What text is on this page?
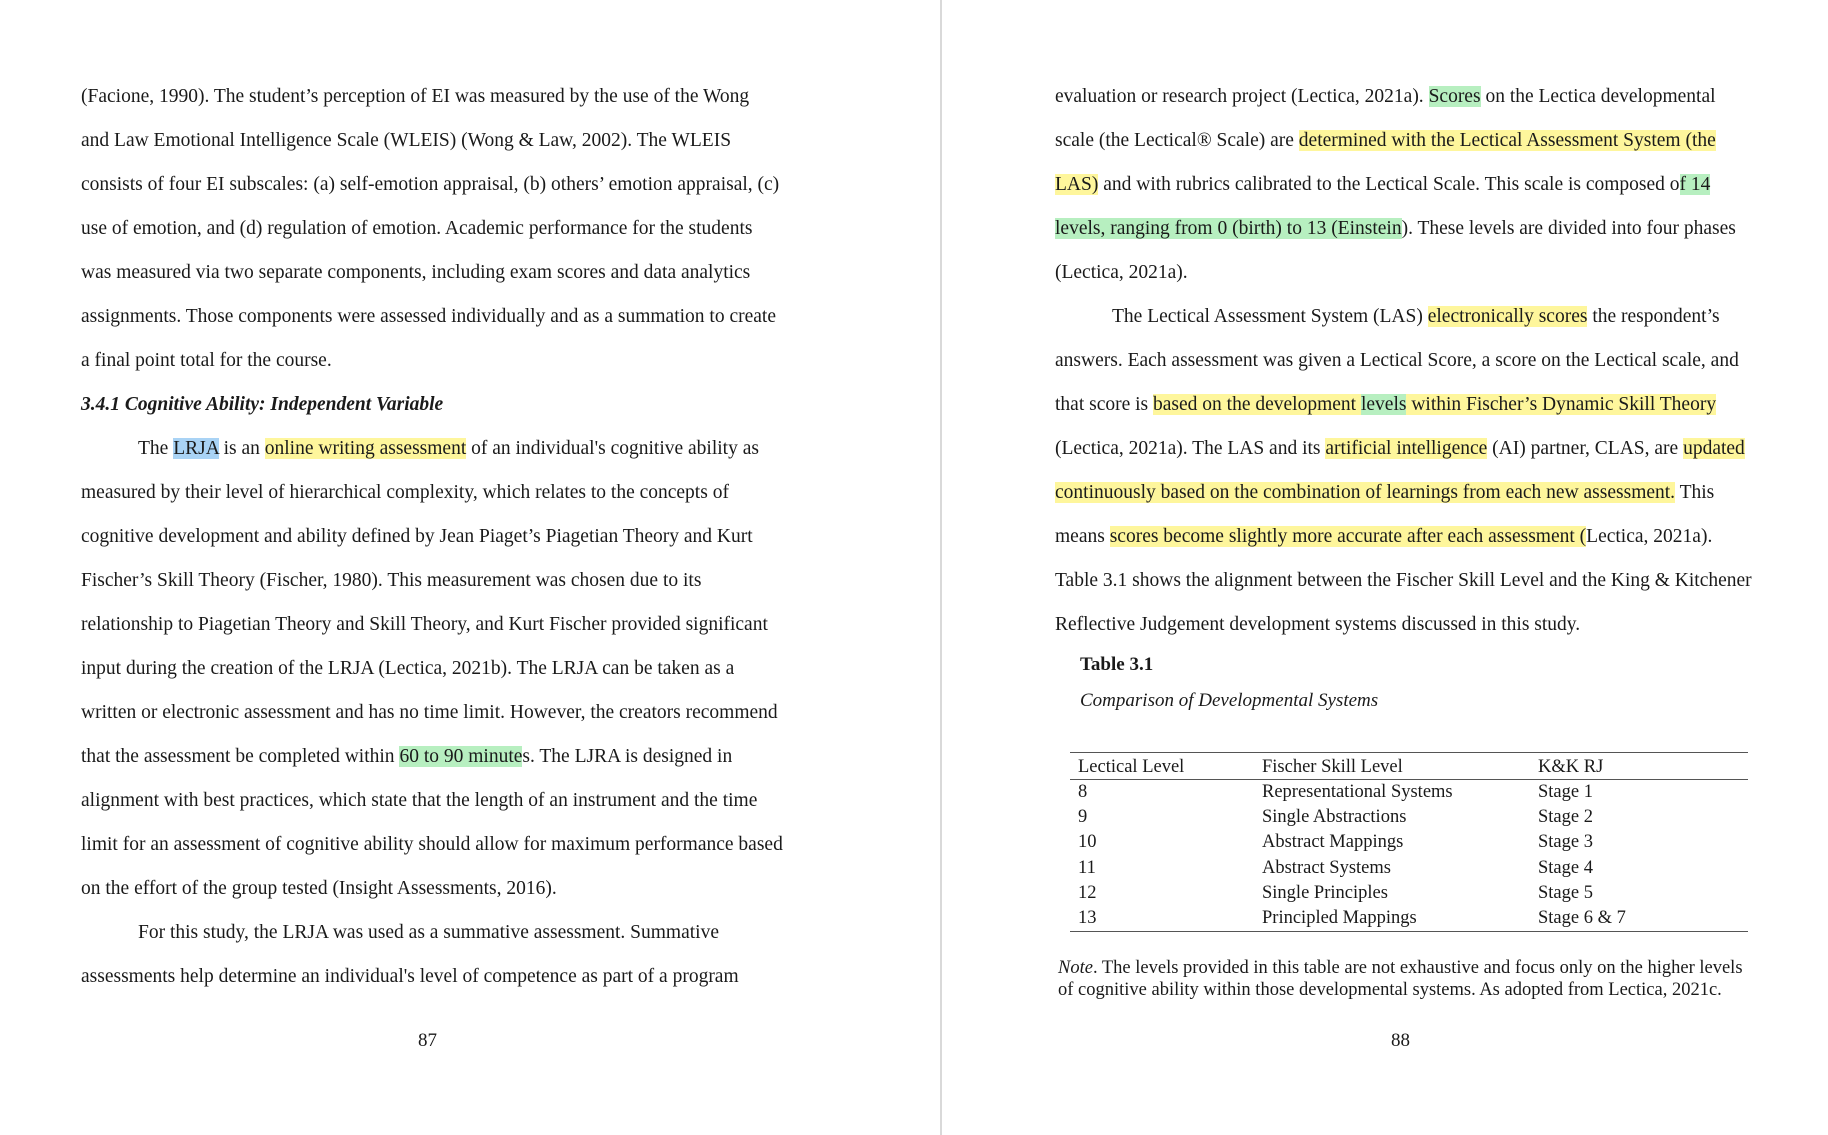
(Facione, 1990). The student’s perception of EI was measured by the use of the Wong
and Law Emotional Intelligence Scale (WLEIS) (Wong & Law, 2002). The WLEIS
consists of four EI subscales: (a) self-emotion appraisal, (b) others’ emotion appraisal, (c)
use of emotion, and (d) regulation of emotion. Academic performance for the students
was measured via two separate components, including exam scores and data analytics
assignments. Those components were assessed individually and as a summation to create
a final point total for the course.
3.4.1 Cognitive Ability: Independent Variable
The LRJA is an online writing assessment of an individual's cognitive ability as
measured by their level of hierarchical complexity, which relates to the concepts of
cognitive development and ability defined by Jean Piaget’s Piagetian Theory and Kurt
Fischer’s Skill Theory (Fischer, 1980). This measurement was chosen due to its
relationship to Piagetian Theory and Skill Theory, and Kurt Fischer provided significant
input during the creation of the LRJA (Lectica, 2021b). The LRJA can be taken as a
written or electronic assessment and has no time limit. However, the creators recommend
that the assessment be completed within 60 to 90 minutes. The LJRA is designed in
alignment with best practices, which state that the length of an instrument and the time
limit for an assessment of cognitive ability should allow for maximum performance based
on the effort of the group tested (Insight Assessments, 2016).
For this study, the LRJA was used as a summative assessment. Summative
assessments help determine an individual's level of competence as part of a program
87
evaluation or research project (Lectica, 2021a). Scores on the Lectica developmental
scale (the Lectical® Scale) are determined with the Lectical Assessment System (the
LAS) and with rubrics calibrated to the Lectical Scale. This scale is composed of 14
levels, ranging from 0 (birth) to 13 (Einstein). These levels are divided into four phases
(Lectica, 2021a).
The Lectical Assessment System (LAS) electronically scores the respondent’s
answers. Each assessment was given a Lectical Score, a score on the Lectical scale, and
that score is based on the development levels within Fischer’s Dynamic Skill Theory
(Lectica, 2021a). The LAS and its artificial intelligence (AI) partner, CLAS, are updated
continuously based on the combination of learnings from each new assessment. This
means scores become slightly more accurate after each assessment (Lectica, 2021a).
Table 3.1 shows the alignment between the Fischer Skill Level and the King & Kitchener
Reflective Judgement development systems discussed in this study.
Table 3.1
Comparison of Developmental Systems
Lectical Level	Fischer Skill Level	K&K RJ
8	Representational Systems	Stage 1
9	Single Abstractions	Stage 2
10	Abstract Mappings	Stage 3
11	Abstract Systems	Stage 4
12	Single Principles	Stage 5
13	Principled Mappings	Stage 6 & 7
Note. The levels provided in this table are not exhaustive and focus only on the higher levels of cognitive ability within those developmental systems. As adopted from Lectica, 2021c.
88
